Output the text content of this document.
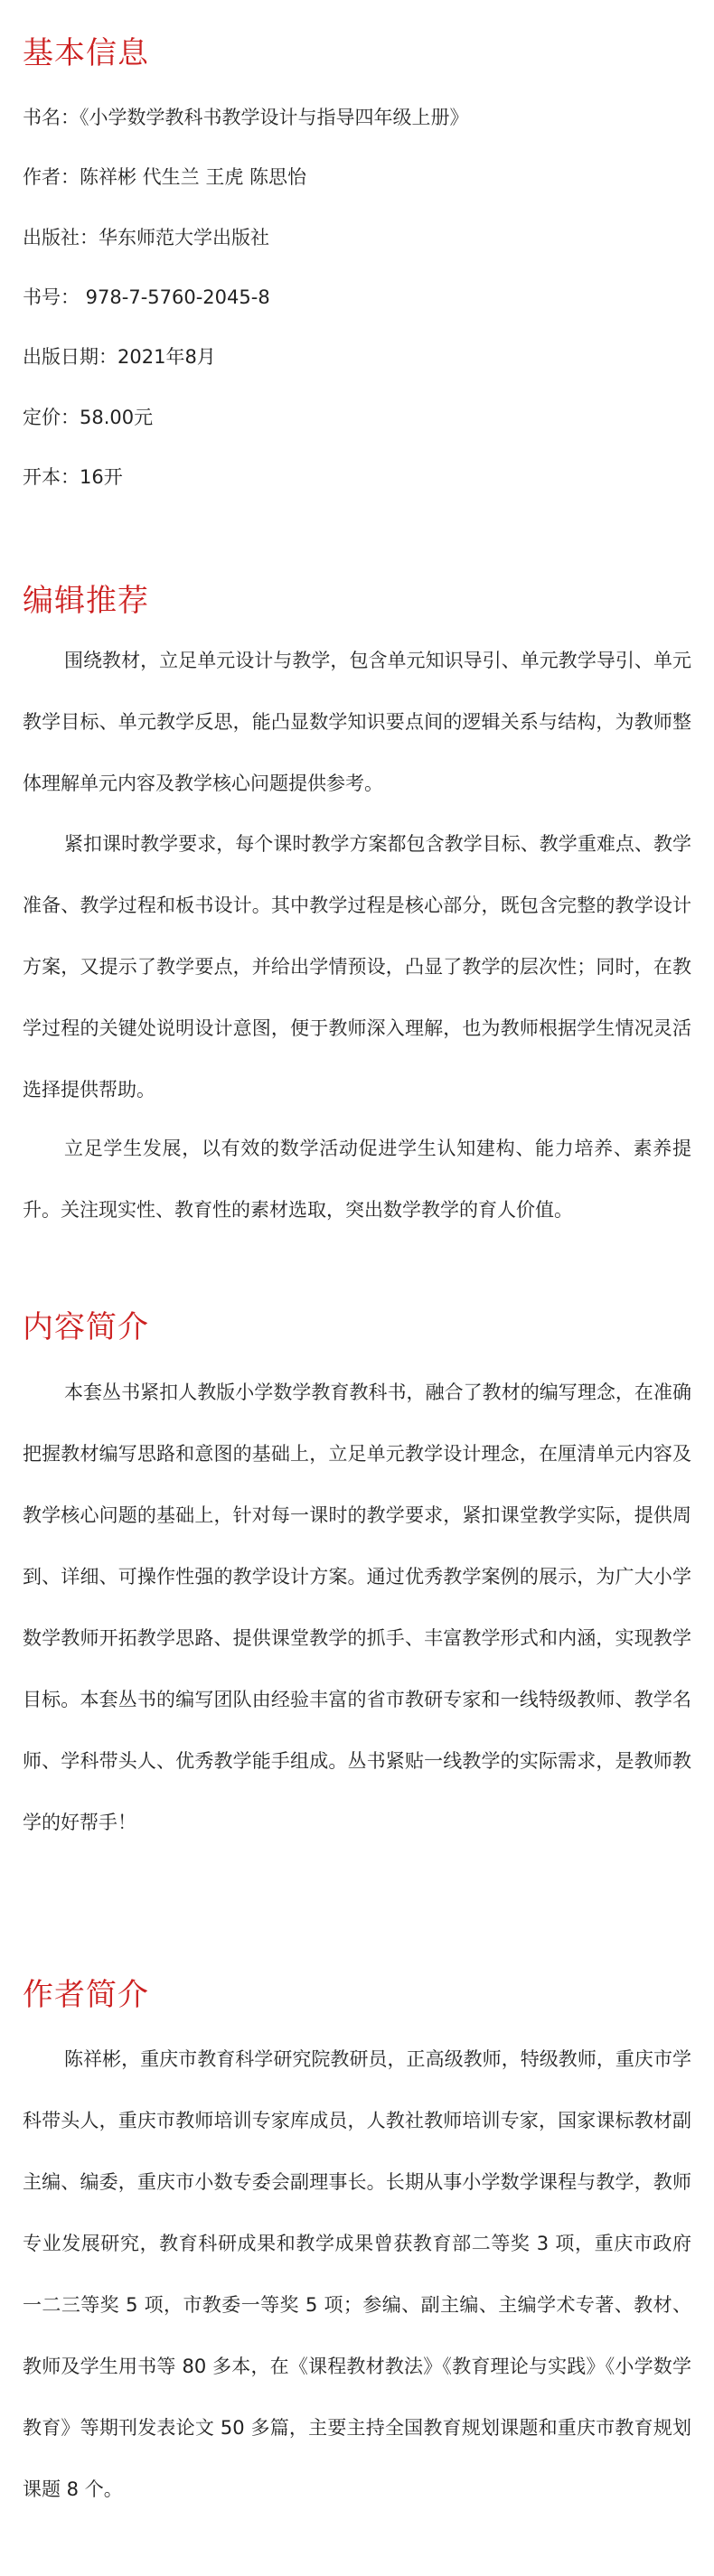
基本信息

书名：《小学数学教科书教学设计与指导四年级上册》

作者：陈祥彬 代生兰 王虎 陈思怡

出版社：华东师范大学出版社

书号： 978-7-5760-2045-8

出版日期：2021年8月

定价：58.00元

开本：16开

编辑推荐

围绕教材，立足单元设计与教学，包含单元知识导引、单元教学导引、单元教学目标、单元教学反思，能凸显数学知识要点间的逻辑关系与结构，为教师整体理解单元内容及教学核心问题提供参考。

紧扣课时教学要求，每个课时教学方案都包含教学目标、教学重难点、教学准备、教学过程和板书设计。其中教学过程是核心部分，既包含完整的教学设计方案，又提示了教学要点，并给出学情预设，凸显了教学的层次性；同时，在教学过程的关键处说明设计意图，便于教师深入理解，也为教师根据学生情况灵活选择提供帮助。

立足学生发展，以有效的数学活动促进学生认知建构、能力培养、素养提升。关注现实性、教育性的素材选取，突出数学教学的育人价值。

内容简介

本套丛书紧扣人教版小学数学教育教科书，融合了教材的编写理念，在准确把握教材编写思路和意图的基础上，立足单元教学设计理念，在厘清单元内容及教学核心问题的基础上，针对每一课时的教学要求，紧扣课堂教学实际，提供周到、详细、可操作性强的教学设计方案。通过优秀教学案例的展示，为广大小学数学教师开拓教学思路、提供课堂教学的抓手、丰富教学形式和内涵，实现教学目标。本套丛书的编写团队由经验丰富的省市教研专家和一线特级教师、教学名师、学科带头人、优秀教学能手组成。丛书紧贴一线教学的实际需求，是教师教学的好帮手！

作者简介

陈祥彬，重庆市教育科学研究院教研员，正高级教师，特级教师，重庆市学科带头人，重庆市教师培训专家库成员，人教社教师培训专家，国家课标教材副主编、编委，重庆市小数专委会副理事长。长期从事小学数学课程与教学，教师专业发展研究，教育科研成果和教学成果曾获教育部二等奖 3 项，重庆市政府一二三等奖 5 项，市教委一等奖 5 项；参编、副主编、主编学术专著、教材、教师及学生用书等 80 多本，在《课程教材教法》《教育理论与实践》《小学数学教育》等期刊发表论文 50 多篇，主要主持全国教育规划课题和重庆市教育规划课题 8 个。
